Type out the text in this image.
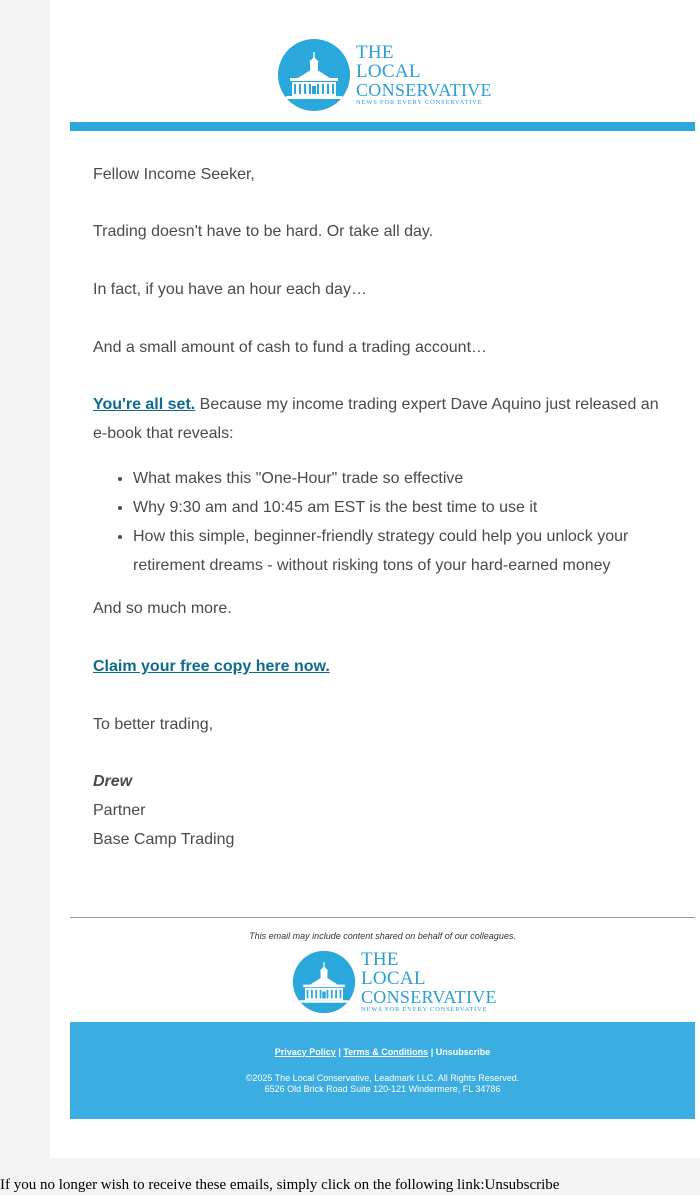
THE
LOCAL
CONSERVATIVE
NEWS FOR EVERY CONSERVATIVE

Fellow Income Seeker,

Trading doesn't have to be hard. Or take all day.

In fact, if you have an hour each day…

And a small amount of cash to fund a trading account…

You're all set. Because my income trading expert Dave Aquino just released an e-book that reveals:

• What makes this "One-Hour" trade so effective
• Why 9:30 am and 10:45 am EST is the best time to use it
• How this simple, beginner-friendly strategy could help you unlock your retirement dreams - without risking tons of your hard-earned money

And so much more.

Claim your free copy here now.

To better trading,

Drew

Partner

Base Camp Trading

This email may include content shared on behalf of our colleagues.
THE
LOCAL
CONSERVATIVE
NEWS FOR EVERY CONSERVATIVE
Privacy Policy | Terms & Conditions | Unsubscribe
©2025 The Local Conservative, Leadmark LLC. All Rights Reserved.
6526 Old Brick Road Suite 120-121 Windermere, FL 34786
If you no longer wish to receive these emails, simply click on the following link:Unsubscribe
